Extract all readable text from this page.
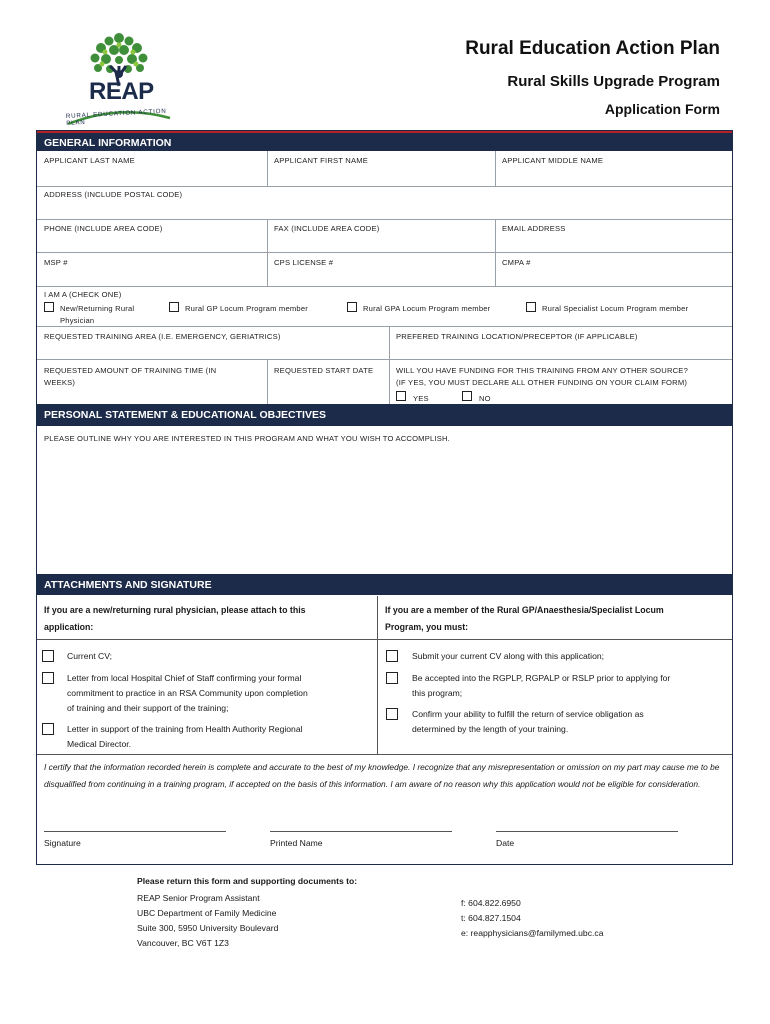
REAP
RURAL EDUCATION ACTION PLAN
Rural Education Action Plan
Rural Skills Upgrade Program
Application Form
GENERAL INFORMATION
APPLICANT LAST NAME	APPLICANT FIRST NAME	APPLICANT MIDDLE NAME
ADDRESS (INCLUDE POSTAL CODE)
PHONE (INCLUDE AREA CODE)	FAX (INCLUDE AREA CODE)	EMAIL ADDRESS
MSP #	CPS LICENSE #	CMPA #
I AM A (CHECK ONE)
New/Returning Rural
Physician
Rural GP Locum Program member	Rural GPA Locum Program member	Rural Specialist Locum Program member
REQUESTED TRAINING AREA (I.E. EMERGENCY, GERIATRICS)	PREFERED TRAINING LOCATION/PRECEPTOR (IF APPLICABLE)
REQUESTED AMOUNT OF TRAINING TIME (IN
WEEKS)
REQUESTED START DATE	WILL YOU HAVE FUNDING FOR THIS TRAINING FROM ANY OTHER SOURCE?
(IF YES, YOU MUST DECLARE ALL OTHER FUNDING ON YOUR CLAIM FORM)
YES	NO
PERSONAL STATEMENT & EDUCATIONAL OBJECTIVES
PLEASE OUTLINE WHY YOU ARE INTERESTED IN THIS PROGRAM AND WHAT YOU WISH TO ACCOMPLISH.
ATTACHMENTS AND SIGNATURE
If you are a new/returning rural physician, please attach to this
application:
If you are a member of the Rural GP/Anaesthesia/Specialist Locum
Program, you must:
Current CV;
Letter from local Hospital Chief of Staff confirming your formal
commitment to practice in an RSA Community upon completion
of training and their support of the training;
Letter in support of the training from Health Authority Regional
Medical Director.
Submit your current CV along with this application;
Be accepted into the RGPLP, RGPALP or RSLP prior to applying for
this program;
Confirm your ability to fulfill the return of service obligation as
determined by the length of your training.
I certify that the information recorded herein is complete and accurate to the best of my knowledge. I recognize that any misrepresentation or omission on my part may cause me to be disqualified from continuing in a training program, if accepted on the basis of this information. I am aware of no reason why this application would not be eligible for consideration.
Signature	Printed Name	Date
Please return this form and supporting documents to:
REAP Senior Program Assistant
UBC Department of Family Medicine
Suite 300, 5950 University Boulevard
Vancouver, BC V6T 1Z3
f: 604.822.6950
t: 604.827.1504
e: reapphysicians@familymed.ubc.ca
